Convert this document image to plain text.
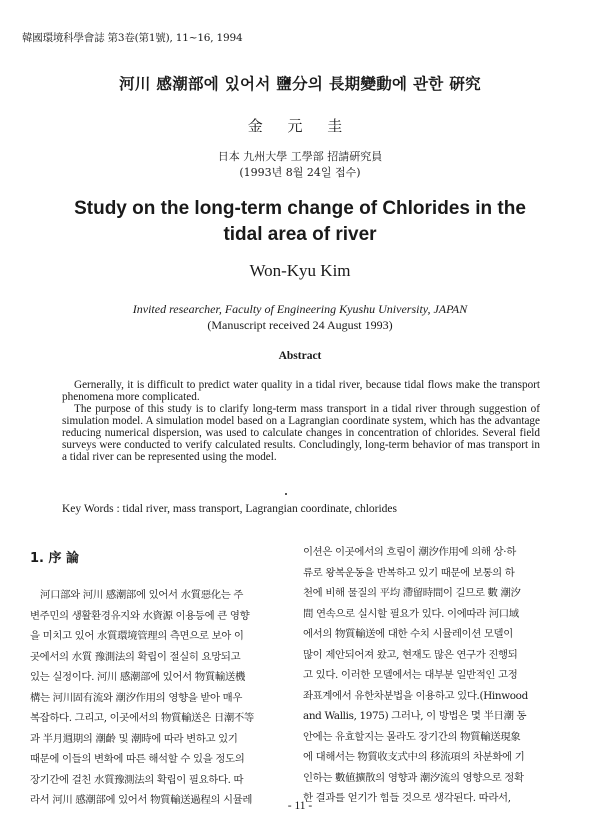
韓國環境科學會誌 第3卷(第1號), 11~16, 1994
河川 感潮部에 있어서 鹽分의 長期變動에 관한 硏究
金 元 圭
日本 九州大學 工學部 招請硏究員
(1993년 8월 24일 접수)
Study on the long-term change of Chlorides in the tidal area of river
Won-Kyu Kim
Invited researcher, Faculty of Engineering Kyushu University, JAPAN
(Manuscript received 24 August 1993)
Abstract

Gernerally, it is difficult to predict water quality in a tidal river, because tidal flows make the transport phenomena more complicated.

The purpose of this study is to clarify long-term mass transport in a tidal river through suggestion of simulation model. A simulation model based on a Lagrangian coordinate system, which has the advantage reducing numerical dispersion, was used to calculate changes in concentration of chlorides. Several field surveys were conducted to verify calculated results. Concludingly, long-term behavior of mas transport in a tidal river can be represented using the model.

Key Words : tidal river, mass transport, Lagrangian coordinate, chlorides
1. 序 論
　河口部와 河川 感潮部에 있어서 水質惡化는 주
변주민의 생활환경유지와 水資源 이용등에 큰 영향
을 미치고 있어 水質環境管理의 측면으로 보아 이
곳에서의 水質 豫測法의 확립이 절실히 요망되고
있는 실정이다. 河川 感潮部에 있어서 物質輸送機
構는 河川固有流와 潮汐作用의 영향을 받아 매우
복잡하다. 그리고, 이곳에서의 物質輸送은 日潮不等
과 半月週期의 潮齡 및 潮時에 따라 변하고 있기
때문에 이들의 변화에 따른 해석할 수 있을 정도의
장기간에 걸친 水質豫測法의 확립이 필요하다. 따
라서 河川 感潮部에 있어서 物質輸送過程의 시뮬레
이션은 이곳에서의 흐림이 潮汐作用에 의해 상·하
류로 왕복운동을 반복하고 있기 때문에 보통의 하
천에 비해 물질의 平均 滯留時間이 길므로 數 潮汐
間 연속으로 실시할 필요가 있다. 이에따라 河口域
에서의 物質輸送에 대한 수치 시뮬레이션 모델이
많이 제안되어져 왔고, 현재도 많은 연구가 진행되
고 있다. 이러한 모델에서는 대부분 일반적인 고정
좌표계에서 유한차분법을 이용하고 있다.(Hinwood
and Wallis, 1975) 그러나, 이 방법은 몇 半日潮 동
안에는 유효할지는 몰라도 장기간의 物質輸送現象
에 대해서는 物質收支式中의 移流項의 차분화에 기
인하는 數値擴散의 영향과 潮汐流의 영향으로 정확
한 결과를 얻기가 힘들 것으로 생각된다. 따라서,
- 11 -
